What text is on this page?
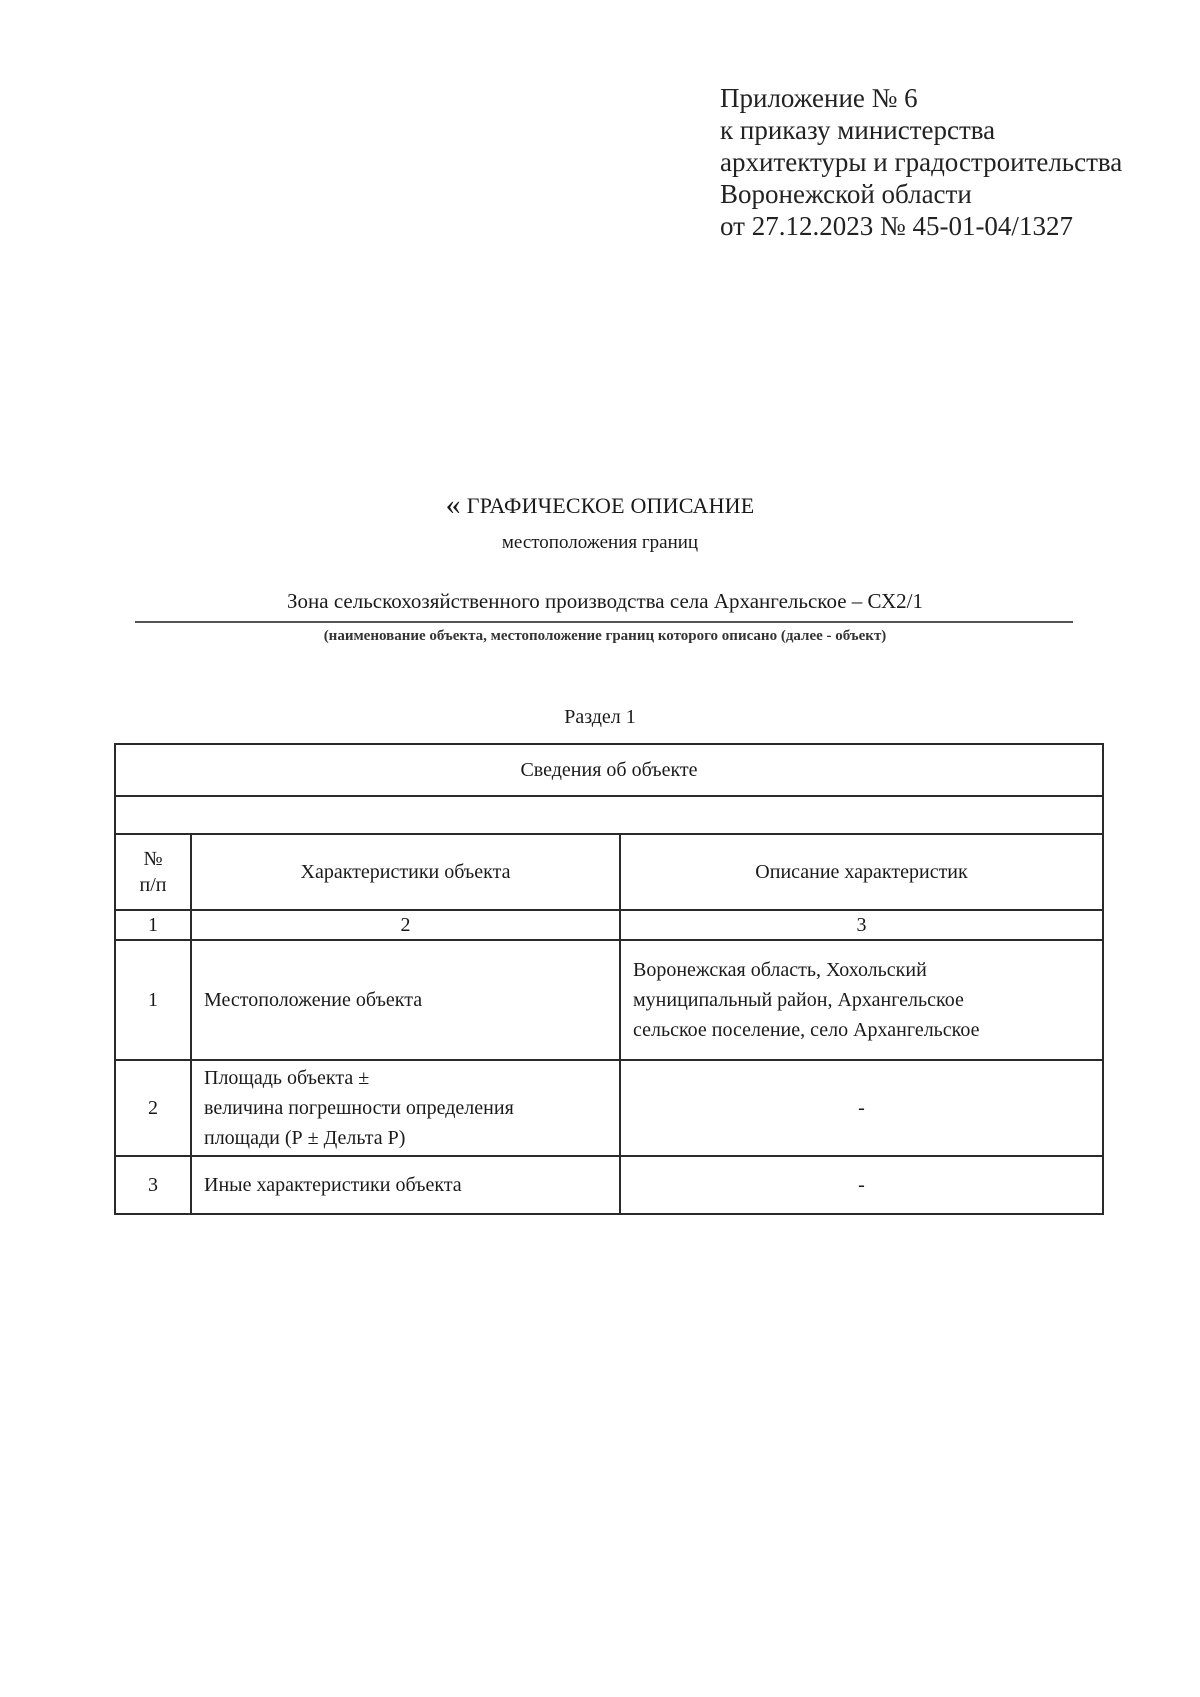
Приложение № 6
к приказу министерства
архитектуры и градостроительства
Воронежской области
от 27.12.2023 № 45-01-04/1327
« ГРАФИЧЕСКОЕ ОПИСАНИЕ
местоположения границ
Зона сельскохозяйственного производства села Архангельское – СХ2/1
(наименование объекта, местоположение границ которого описано (далее - объект)
Раздел 1
Сведения об объекте		

№
п/п	Характеристики объекта	Описание характеристик
1	2	3
1	Местоположение объекта	Воронежская область, Хохольский
муниципальный район, Архангельское
сельское поселение, село Архангельское

2	Площадь объекта ±
величина погрешности определения
площади (Р ± Дельта Р)	-

3	Иные характеристики объекта	-
